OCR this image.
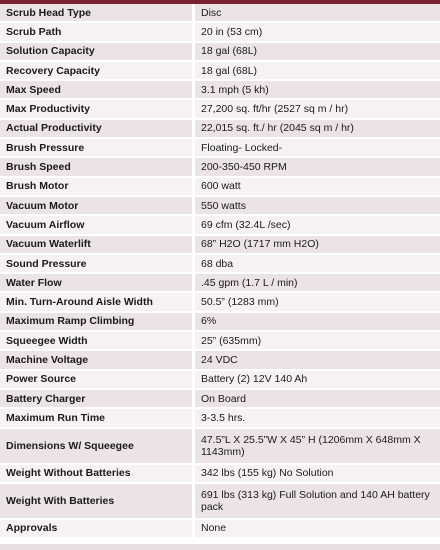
Scrub Head Type	Disc
Scrub Path	20 in (53 cm)
Solution Capacity	18 gal (68L)
Recovery Capacity	18 gal (68L)
Max Speed	3.1 mph (5 kh)
Max Productivity	27,200 sq. ft/hr (2527 sq m / hr)
Actual Productivity	22,015 sq. ft./ hr (2045 sq m / hr)
Brush Pressure	Floating- Locked-
Brush Speed	200-350-450 RPM
Brush Motor	600 watt
Vacuum Motor	550 watts
Vacuum Airflow	69 cfm (32.4L /sec)
Vacuum Waterlift	68” H2O (1717 mm H2O)
Sound Pressure	68 dba
Water Flow	.45 gpm (1.7 L / min)
Min. Turn-Around Aisle Width	50.5” (1283 mm)
Maximum Ramp Climbing	6%
Squeegee Width	25” (635mm)
Machine Voltage	24 VDC
Power Source	Battery (2) 12V 140 Ah
Battery Charger	On Board
Maximum Run Time	3-3.5 hrs.
Dimensions W/ Squeegee	47.5”L X 25.5”W X 45” H (1206mm X 648mm X 1143mm)
Weight Without Batteries	342 lbs (155 kg) No Solution
Weight With Batteries	691 lbs (313 kg) Full Solution and 140 AH battery pack
Approvals	None
